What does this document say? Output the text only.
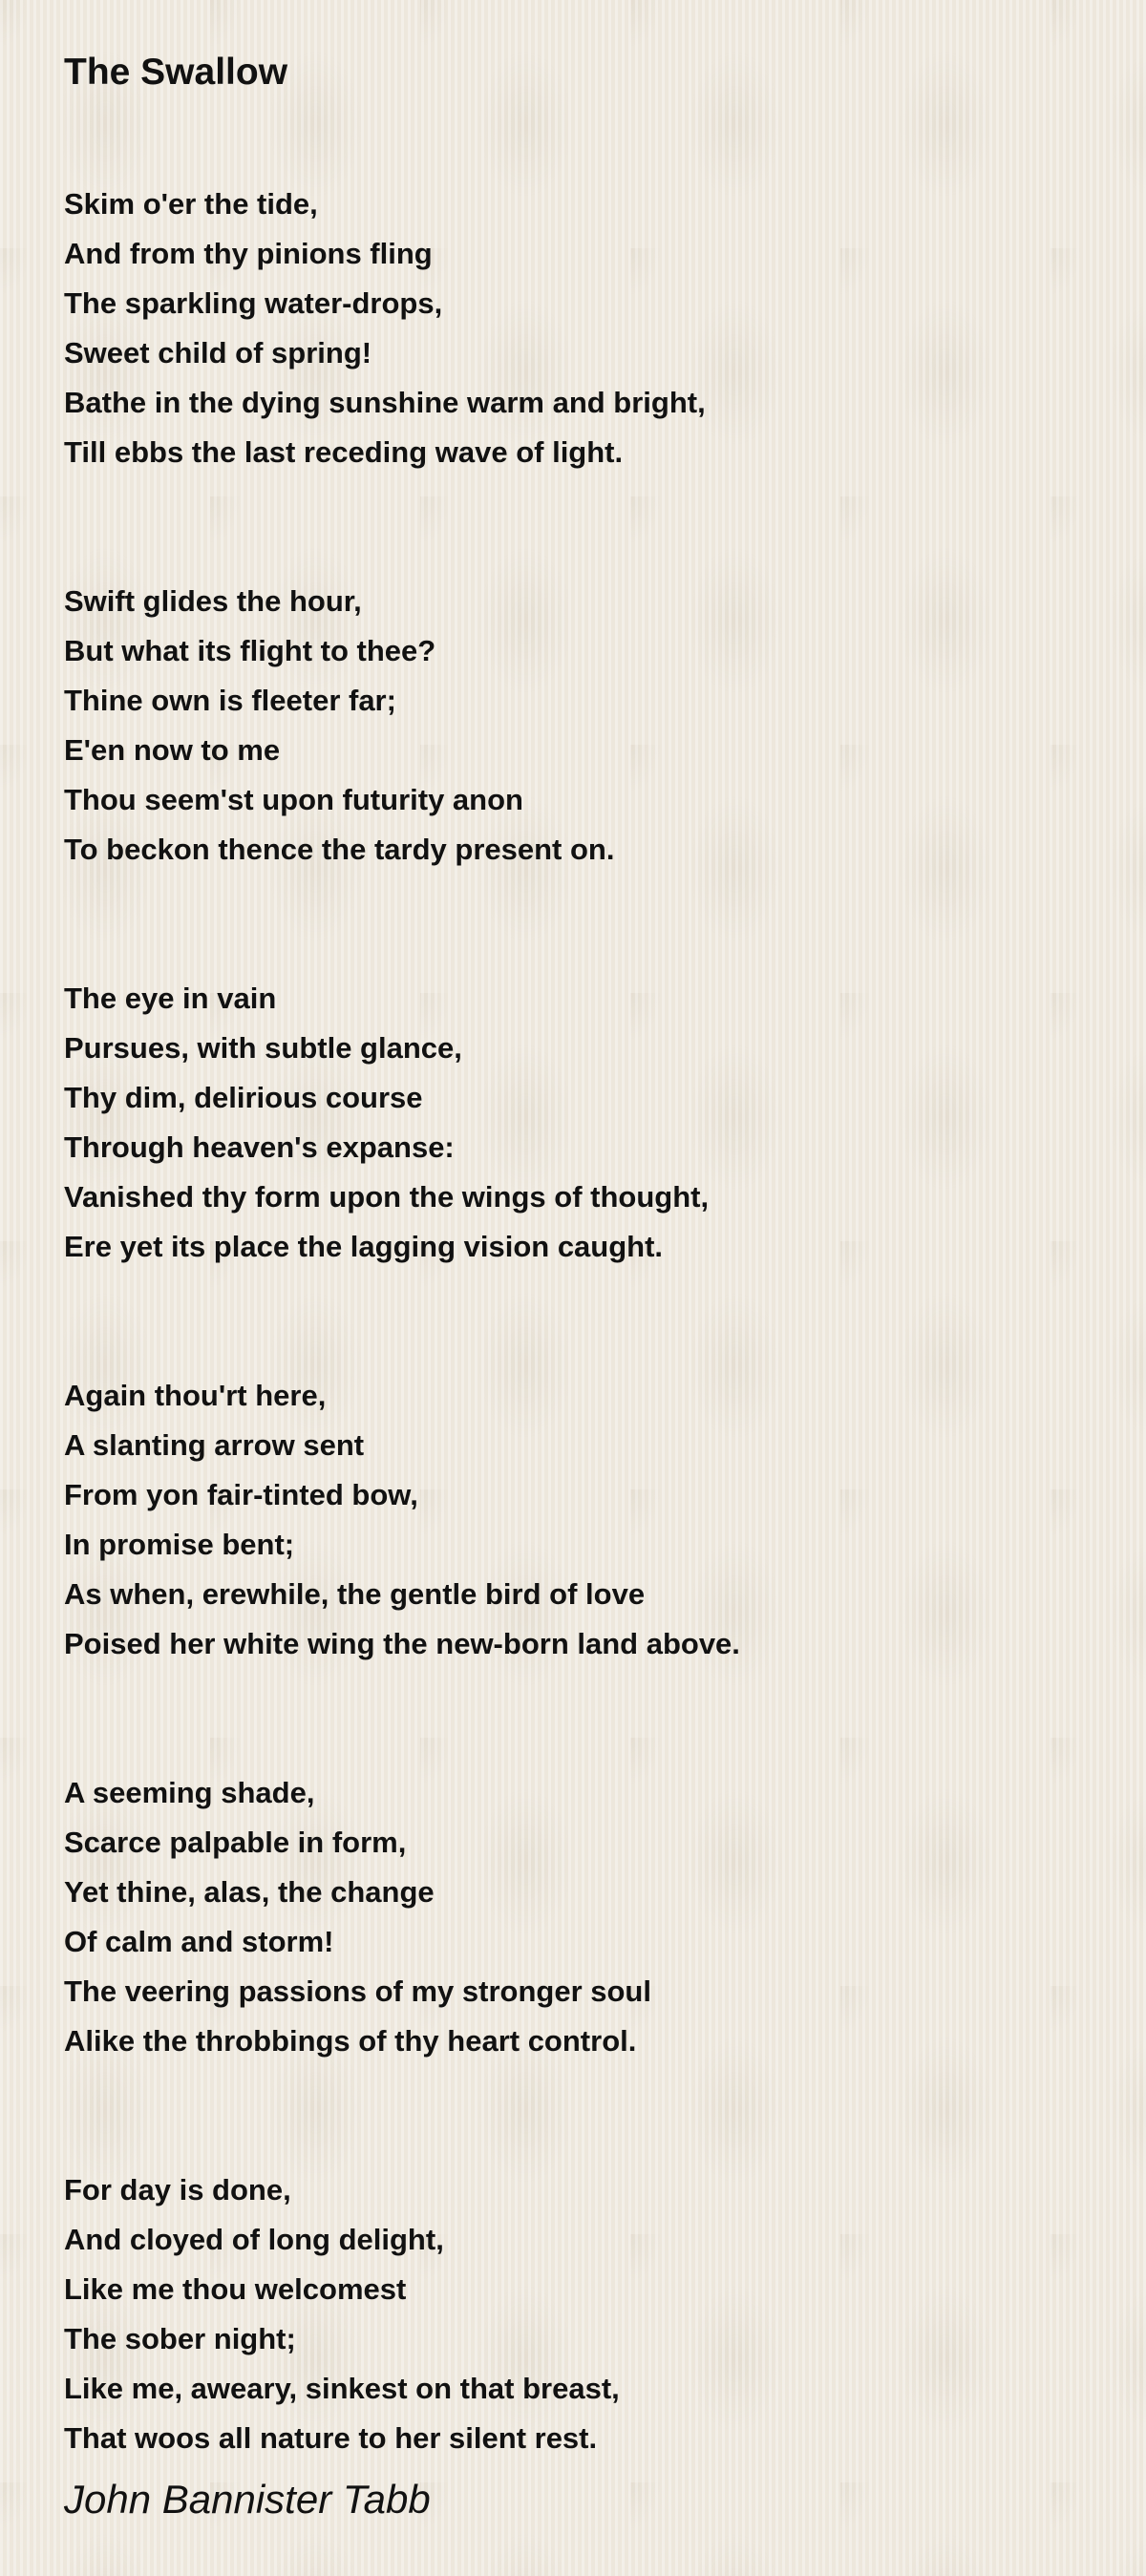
The Swallow
Skim o'er the tide,
And from thy pinions fling
The sparkling water-drops,
Sweet child of spring!
Bathe in the dying sunshine warm and bright,
Till ebbs the last receding wave of light.
Swift glides the hour,
But what its flight to thee?
Thine own is fleeter far;
E'en now to me
Thou seem'st upon futurity anon
To beckon thence the tardy present on.
The eye in vain
Pursues, with subtle glance,
Thy dim, delirious course
Through heaven's expanse:
Vanished thy form upon the wings of thought,
Ere yet its place the lagging vision caught.
Again thou'rt here,
A slanting arrow sent
From yon fair-tinted bow,
In promise bent;
As when, erewhile, the gentle bird of love
Poised her white wing the new-born land above.
A seeming shade,
Scarce palpable in form,
Yet thine, alas, the change
Of calm and storm!
The veering passions of my stronger soul
Alike the throbbings of thy heart control.
For day is done,
And cloyed of long delight,
Like me thou welcomest
The sober night;
Like me, aweary, sinkest on that breast,
That woos all nature to her silent rest.
John Bannister Tabb
